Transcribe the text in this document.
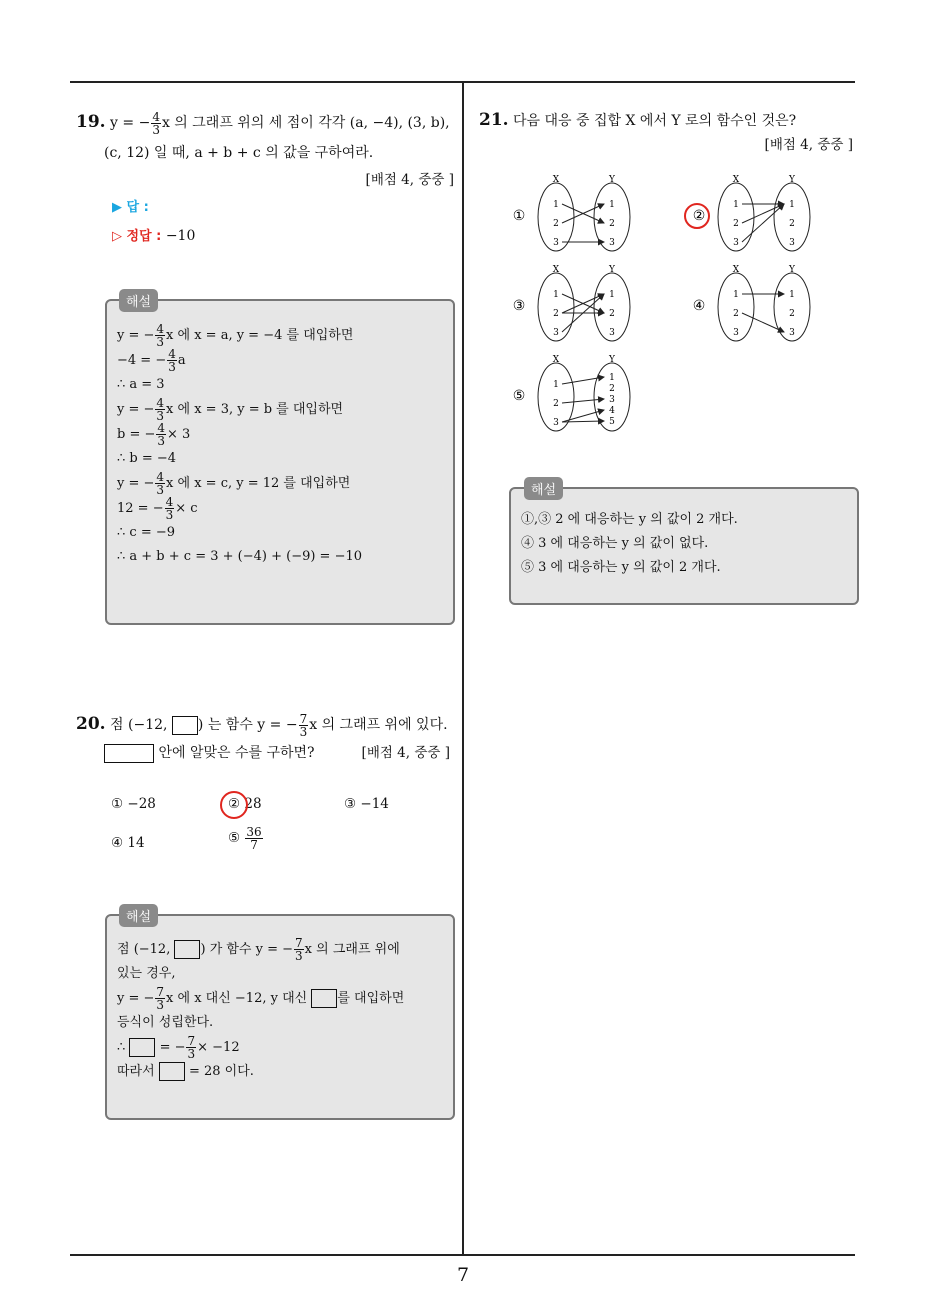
7
19. y = − $\frac{4}{3}$ x 의 그래프 위의 세 점이 각각 (a, −4), (3, b),
(c, 12) 일 때, a + b + c 의 값을 구하여라.
[배점 4, 중중 ]
▶ 답 :
▷ 정답 : −10
해설
y = − $\frac{4}{3}$ x 에 x = a, y = −4 를 대입하면
−4 = − $\frac{4}{3}$ a
∴ a = 3
y = − $\frac{4}{3}$ x 에 x = 3, y = b 를 대입하면
b = − $\frac{4}{3} \times 3$
∴ b = −4
y = − $\frac{4}{3}$ x 에 x = c, y = 12 를 대입하면
12 = − $\frac{4}{3} \times c$
∴ c = −9
∴ a + b + c = 3 + (−4) + (−9) = −10
20. 점 (−12, ) 는 함수 y = − $\frac{7}{3}$ x 의 그래프 위에 있다.
안에 알맞은 수를 구하면?	[배점 4, 중중 ]
① −28	② 28	③ −14
④ 14	⑤ $\frac{36}{7}$
해설
점 (−12, ) 가 함수 y = − $\frac{7}{3}$ x 의 그래프 위에
있는 경우,
y = − $\frac{7}{3}$ x 에 x 대신 −12, y 대신 를 대입하면
등식이 성립한다.
∴	= − $\frac{7}{3} \times -12$
따라서	= 28 이다.
21. 다음 대응 중 집합 X 에서 Y 로의 함수인 것은?
[배점 4, 중중 ]
①
X	Y
1
2
3
1
2
3
②
X	Y
1
2
3
1
2
3
③
X	Y
1
2
3
1
2
3
④
X	Y
1
2
3
1
2
3
⑤
X	Y
1
2
3
1
2
3
4
5
해설
①,③ 2 에 대응하는 y 의 값이 2 개다.
④ 3 에 대응하는 y 의 값이 없다.
⑤ 3 에 대응하는 y 의 값이 2 개다.
